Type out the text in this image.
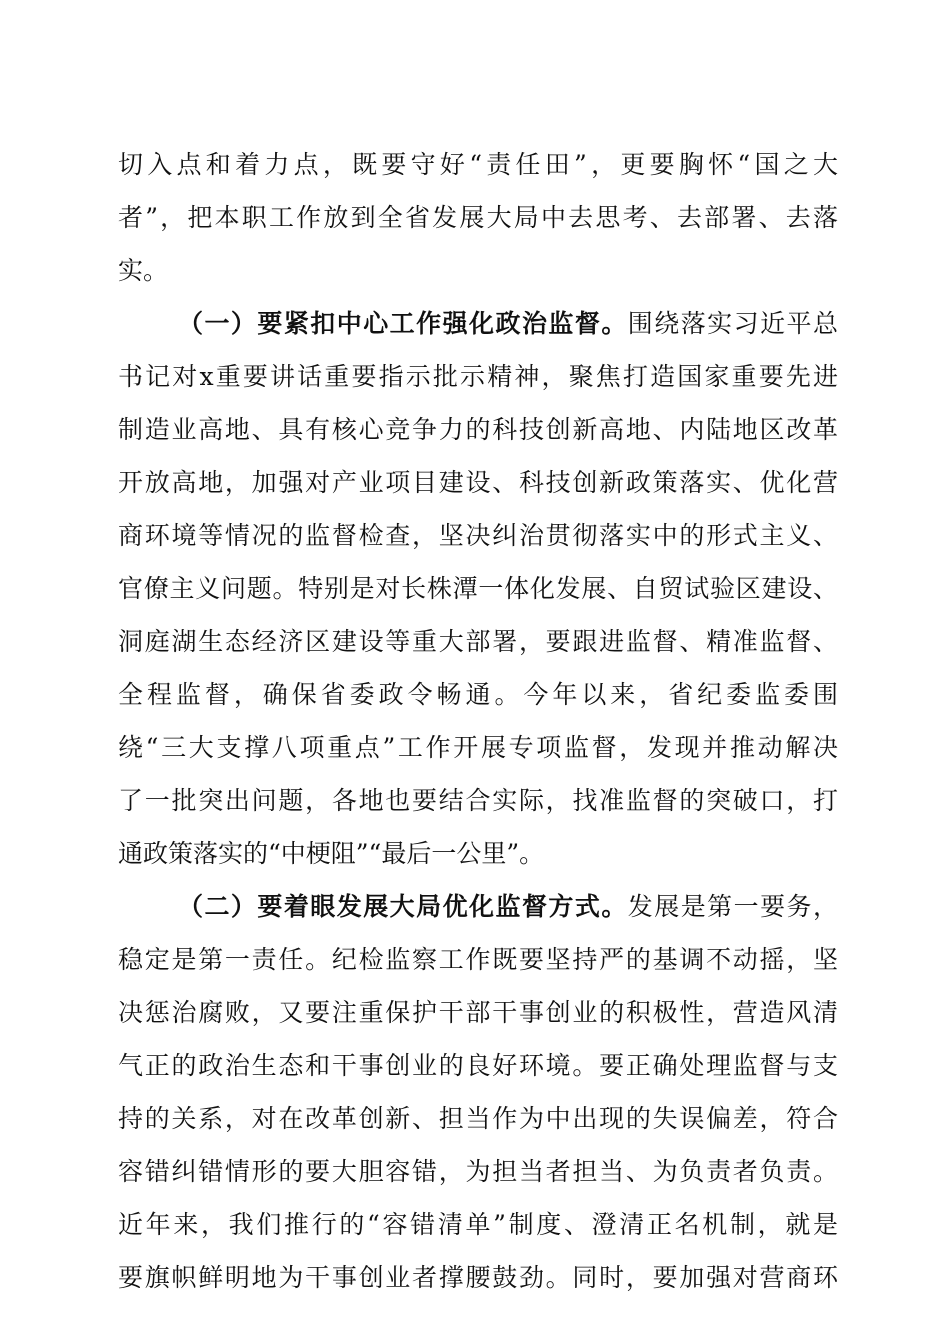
切入点和着力点，既要守好“责任田”，更要胸怀“国之大
者”，把本职工作放到全省发展大局中去思考、去部署、去落
实。
（一）要紧扣中心工作强化政治监督。围绕落实习近平总
书记对x重要讲话重要指示批示精神，聚焦打造国家重要先进
制造业高地、具有核心竞争力的科技创新高地、内陆地区改革
开放高地，加强对产业项目建设、科技创新政策落实、优化营
商环境等情况的监督检查，坚决纠治贯彻落实中的形式主义、
官僚主义问题。特别是对长株潭一体化发展、自贸试验区建设、
洞庭湖生态经济区建设等重大部署，要跟进监督、精准监督、
全程监督，确保省委政令畅通。今年以来，省纪委监委围
绕“三大支撑八项重点”工作开展专项监督，发现并推动解决
了一批突出问题，各地也要结合实际，找准监督的突破口，打
通政策落实的“中梗阻”“最后一公里”。
（二）要着眼发展大局优化监督方式。发展是第一要务，
稳定是第一责任。纪检监察工作既要坚持严的基调不动摇，坚
决惩治腐败，又要注重保护干部干事创业的积极性，营造风清
气正的政治生态和干事创业的良好环境。要正确处理监督与支
持的关系，对在改革创新、担当作为中出现的失误偏差，符合
容错纠错情形的要大胆容错，为担当者担当、为负责者负责。
近年来，我们推行的“容错清单”制度、澄清正名机制，就是
要旗帜鲜明地为干事创业者撑腰鼓劲。同时，要加强对营商环
